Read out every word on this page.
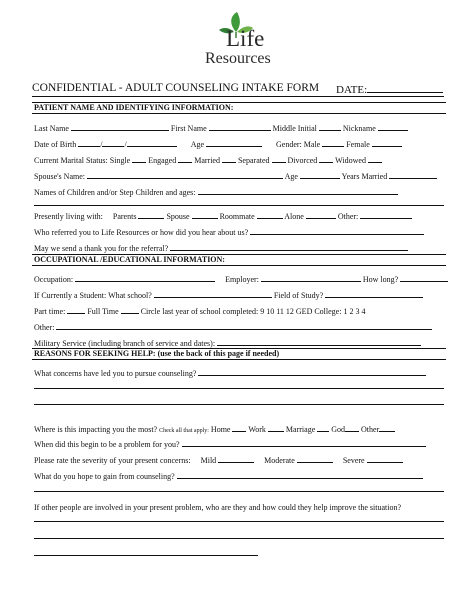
Life
Resources
CONFIDENTIAL - ADULT COUNSELING INTAKE FORM DATE:
PATIENT NAME AND IDENTIFYING INFORMATION:
Last Name	First Name	Middle Initial	Nickname
Date of Birth	/	/	Age	Gender: Male	Female
Current Marital Status: Single Engaged Married Separated Divorced Widowed
Spouse's Name:	Age	Years Married
Names of Children and/or Step Children and ages:
Presently living with: Parents	Spouse	Roommate	Alone	Other:
Who referred you to Life Resources or how did you hear about us?
May we send a thank you for the referral?
OCCUPATIONAL /EDUCATIONAL INFORMATION:
Occupation:	Employer:	How long?
If Currently a Student: What school?	Field of Study?
Part time:	Full Time	Circle last year of school completed: 9 10 11 12 GED College: 1 2 3 4
Other:
Military Service (including branch of service and dates):
REASONS FOR SEEKING HELP: (use the back of this page if needed)
What concerns have led you to pursue counseling?
Where is this impacting you the most? Check all that apply: Home Work	Marriage God Other
When did this begin to be a problem for you?
Please rate the severity of your present concerns: Mild	Moderate	Severe
What do you hope to gain from counseling?
If other people are involved in your present problem, who are they and how could they help improve the situation?
